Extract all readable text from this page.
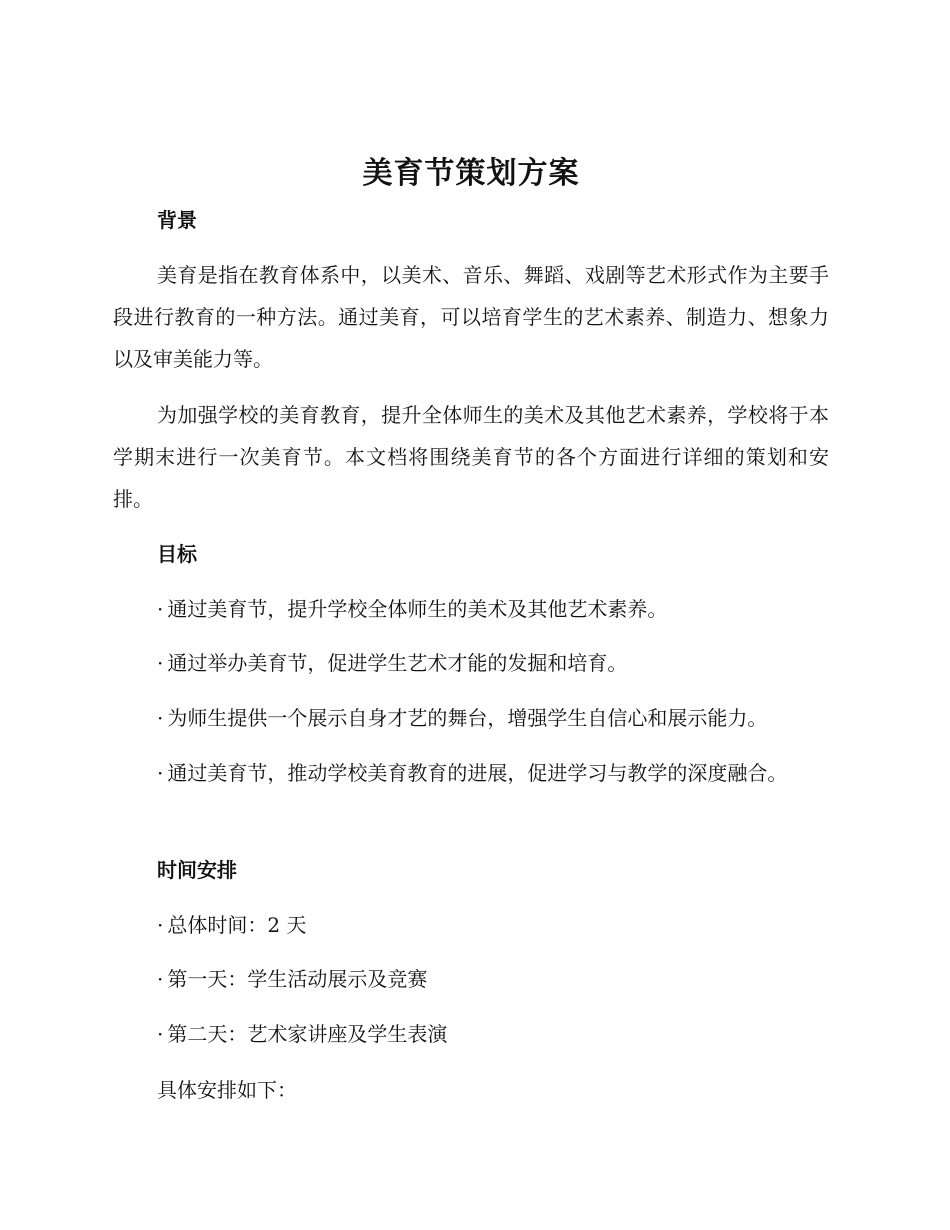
美育节策划方案
背景
美育是指在教育体系中，以美术、音乐、舞蹈、戏剧等艺术形式作为主要手段进行教育的一种方法。通过美育，可以培育学生的艺术素养、制造力、想象力以及审美能力等。
为加强学校的美育教育，提升全体师生的美术及其他艺术素养，学校将于本学期末进行一次美育节。本文档将围绕美育节的各个方面进行详细的策划和安排。
目标
· 通过美育节，提升学校全体师生的美术及其他艺术素养。
· 通过举办美育节，促进学生艺术才能的发掘和培育。
· 为师生提供一个展示自身才艺的舞台，增强学生自信心和展示能力。
· 通过美育节，推动学校美育教育的进展，促进学习与教学的深度融合。
时间安排
· 总体时间：2 天
· 第一天：学生活动展示及竞赛
· 第二天：艺术家讲座及学生表演
具体安排如下：
